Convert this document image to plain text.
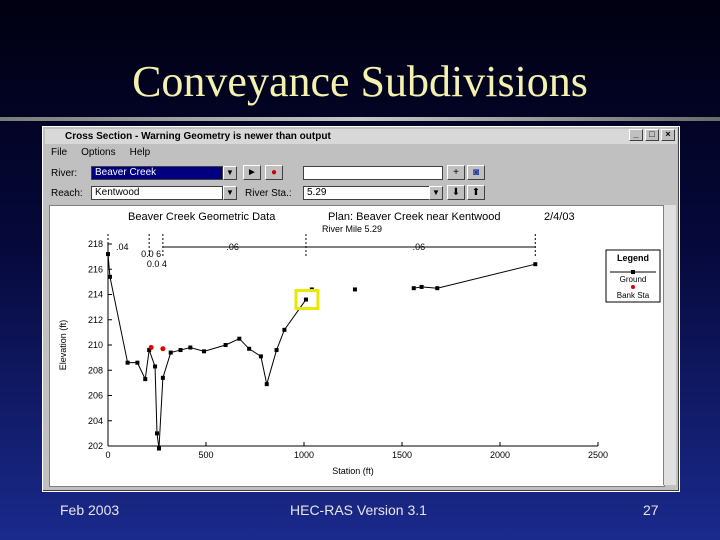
Conveyance Subdivisions
Cross Section - Warning Geometry is newer than output	_	□	×
File Options Help
River:	Beaver Creek	▼	►	●	+	◙
Reach:	Kentwood	▼	River Sta.:	5.29	▼	⬇	⬆
Beaver Creek Geometric Data	Plan: Beaver Creek near Kentwood	2/4/03
River Mile 5.29
202
204
206
208
210
212
214
216
218
0	500	1000	1500	2000	2500
Station (ft)
Elevation (ft)
.04
0.0 6
0.0 4
.06	.06
Legend
Ground
Bank Sta
Feb 2003	HEC-RAS Version 3.1	27
